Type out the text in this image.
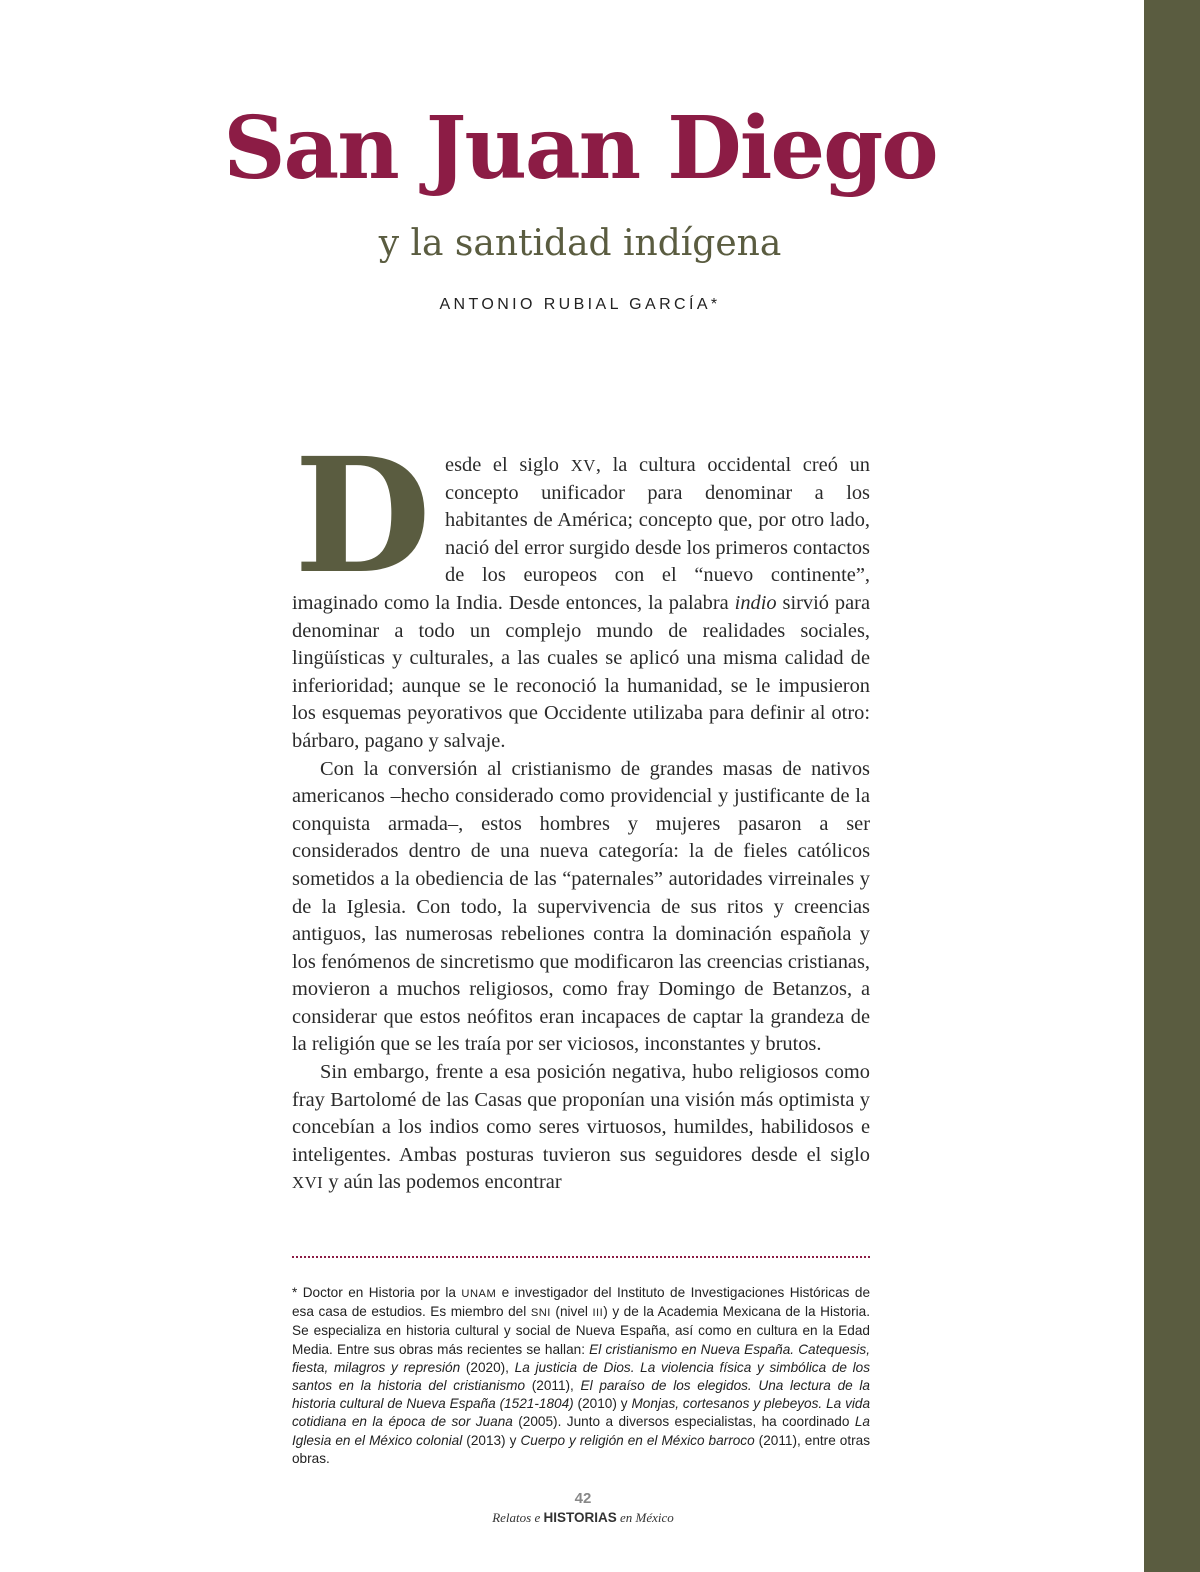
San Juan Diego
y la santidad indígena
ANTONIO RUBIAL GARCÍA*

Desde el siglo XV, la cultura occidental creó un concepto unificador para denominar a los habitantes de América; concepto que, por otro lado, nació del error surgido desde los primeros contactos de los europeos con el “nuevo continente”, imaginado como la India. Desde entonces, la palabra indio sirvió para denominar a todo un complejo mundo de realidades sociales, lingüísticas y culturales, a las cuales se aplicó una misma calidad de inferioridad; aunque se le reconoció la humanidad, se le impusieron los esquemas peyorativos que Occidente utilizaba para definir al otro: bárbaro, pagano y salvaje.

Con la conversión al cristianismo de grandes masas de nativos americanos –hecho considerado como providencial y justificante de la conquista armada–, estos hombres y mujeres pasaron a ser considerados dentro de una nueva categoría: la de fieles católicos sometidos a la obediencia de las “paternales” autoridades virreinales y de la Iglesia. Con todo, la supervivencia de sus ritos y creencias antiguos, las numerosas rebeliones contra la dominación española y los fenómenos de sincretismo que modificaron las creencias cristianas, movieron a muchos religiosos, como fray Domingo de Betanzos, a considerar que estos neófitos eran incapaces de captar la grandeza de la religión que se les traía por ser viciosos, inconstantes y brutos.

Sin embargo, frente a esa posición negativa, hubo religiosos como fray Bartolomé de las Casas que proponían una visión más optimista y concebían a los indios como seres virtuosos, humildes, habilidosos e inteligentes. Ambas posturas tuvieron sus seguidores desde el siglo XVI y aún las podemos encontrar

* Doctor en Historia por la UNAM e investigador del Instituto de Investigaciones Históricas de esa casa de estudios. Es miembro del SNI (nivel III) y de la Academia Mexicana de la Historia. Se especializa en historia cultural y social de Nueva España, así como en cultura en la Edad Media. Entre sus obras más recientes se hallan: El cristianismo en Nueva España. Catequesis, fiesta, milagros y represión (2020), La justicia de Dios. La violencia física y simbólica de los santos en la historia del cristianismo (2011), El paraíso de los elegidos. Una lectura de la historia cultural de Nueva España (1521-1804) (2010) y Monjas, cortesanos y plebeyos. La vida cotidiana en la época de sor Juana (2005). Junto a diversos especialistas, ha coordinado La Iglesia en el México colonial (2013) y Cuerpo y religión en el México barroco (2011), entre otras obras.

42
Relatos e HISTORIAS en México
